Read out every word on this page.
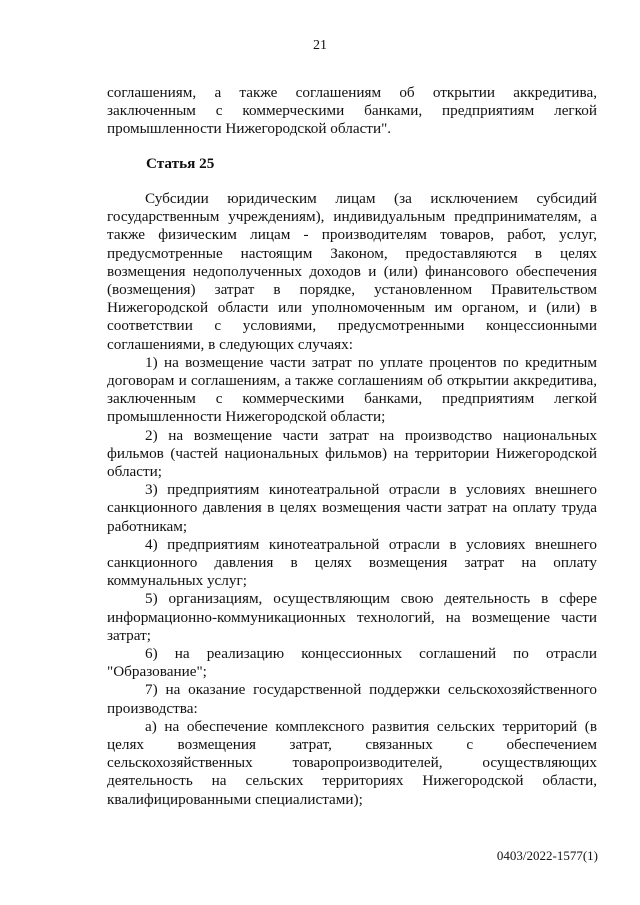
21
соглашениям, а также соглашениям об открытии аккредитива,
заключенным с коммерческими банками, предприятиям легкой
промышленности Нижегородской области".
Статья 25
Субсидии юридическим лицам (за исключением субсидий
государственным учреждениям), индивидуальным предпринимателям, а
также физическим лицам - производителям товаров, работ, услуг,
предусмотренные настоящим Законом, предоставляются в целях
возмещения недополученных доходов и (или) финансового обеспечения
(возмещения) затрат в порядке, установленном Правительством
Нижегородской области или уполномоченным им органом, и (или) в
соответствии с условиями, предусмотренными концессионными
соглашениями, в следующих случаях:
1) на возмещение части затрат по уплате процентов по кредитным
договорам и соглашениям, а также соглашениям об открытии аккредитива,
заключенным с коммерческими банками, предприятиям легкой
промышленности Нижегородской области;
2) на возмещение части затрат на производство национальных
фильмов (частей национальных фильмов) на территории Нижегородской
области;
3) предприятиям кинотеатральной отрасли в условиях внешнего
санкционного давления в целях возмещения части затрат на оплату труда
работникам;
4) предприятиям кинотеатральной отрасли в условиях внешнего
санкционного давления в целях возмещения затрат на оплату
коммунальных услуг;
5) организациям, осуществляющим свою деятельность в сфере
информационно-коммуникационных технологий, на возмещение части
затрат;
6) на реализацию концессионных соглашений по отрасли
"Образование";
7) на оказание государственной поддержки сельскохозяйственного
производства:
а) на обеспечение комплексного развития сельских территорий (в
целях возмещения затрат, связанных с обеспечением
сельскохозяйственных товаропроизводителей, осуществляющих
деятельность на сельских территориях Нижегородской области,
квалифицированными специалистами);
0403/2022-1577(1)
